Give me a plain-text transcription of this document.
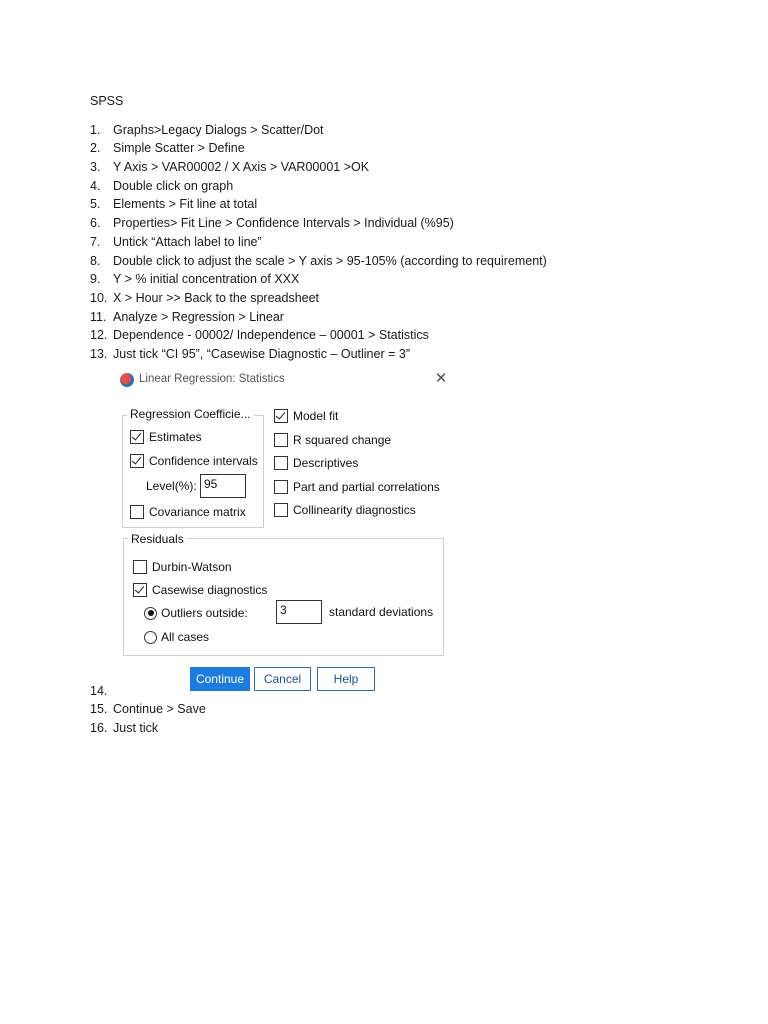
SPSS
1.	Graphs>Legacy Dialogs > Scatter/Dot
2.	Simple Scatter > Define
3.	Y Axis > VAR00002 / X Axis > VAR00001 >OK
4.	Double click on graph
5.	Elements > Fit line at total
6.	Properties> Fit Line > Confidence Intervals > Individual (%95)
7.	Untick “Attach label to line”
8.	Double click to adjust the scale > Y axis > 95-105% (according to requirement)
9.	Y > % initial concentration of XXX
10. X > Hour >> Back to the spreadsheet
11. Analyze > Regression > Linear
12. Dependence - 00002/ Independence – 00001 > Statistics
13. Just tick “CI 95”, “Casewise Diagnostic – Outliner = 3”
14.
15. Continue > Save
16. Just tick
Linear Regression: Statistics	✕
Regression Coefficie...
Estimates
Confidence intervals
Level(%): 95
Covariance matrix
Model fit
R squared change
Descriptives
Part and partial correlations
Collinearity diagnostics
Residuals
Durbin-Watson
Casewise diagnostics
Outliers outside:	3	standard deviations
All cases
Continue	Cancel	Help
